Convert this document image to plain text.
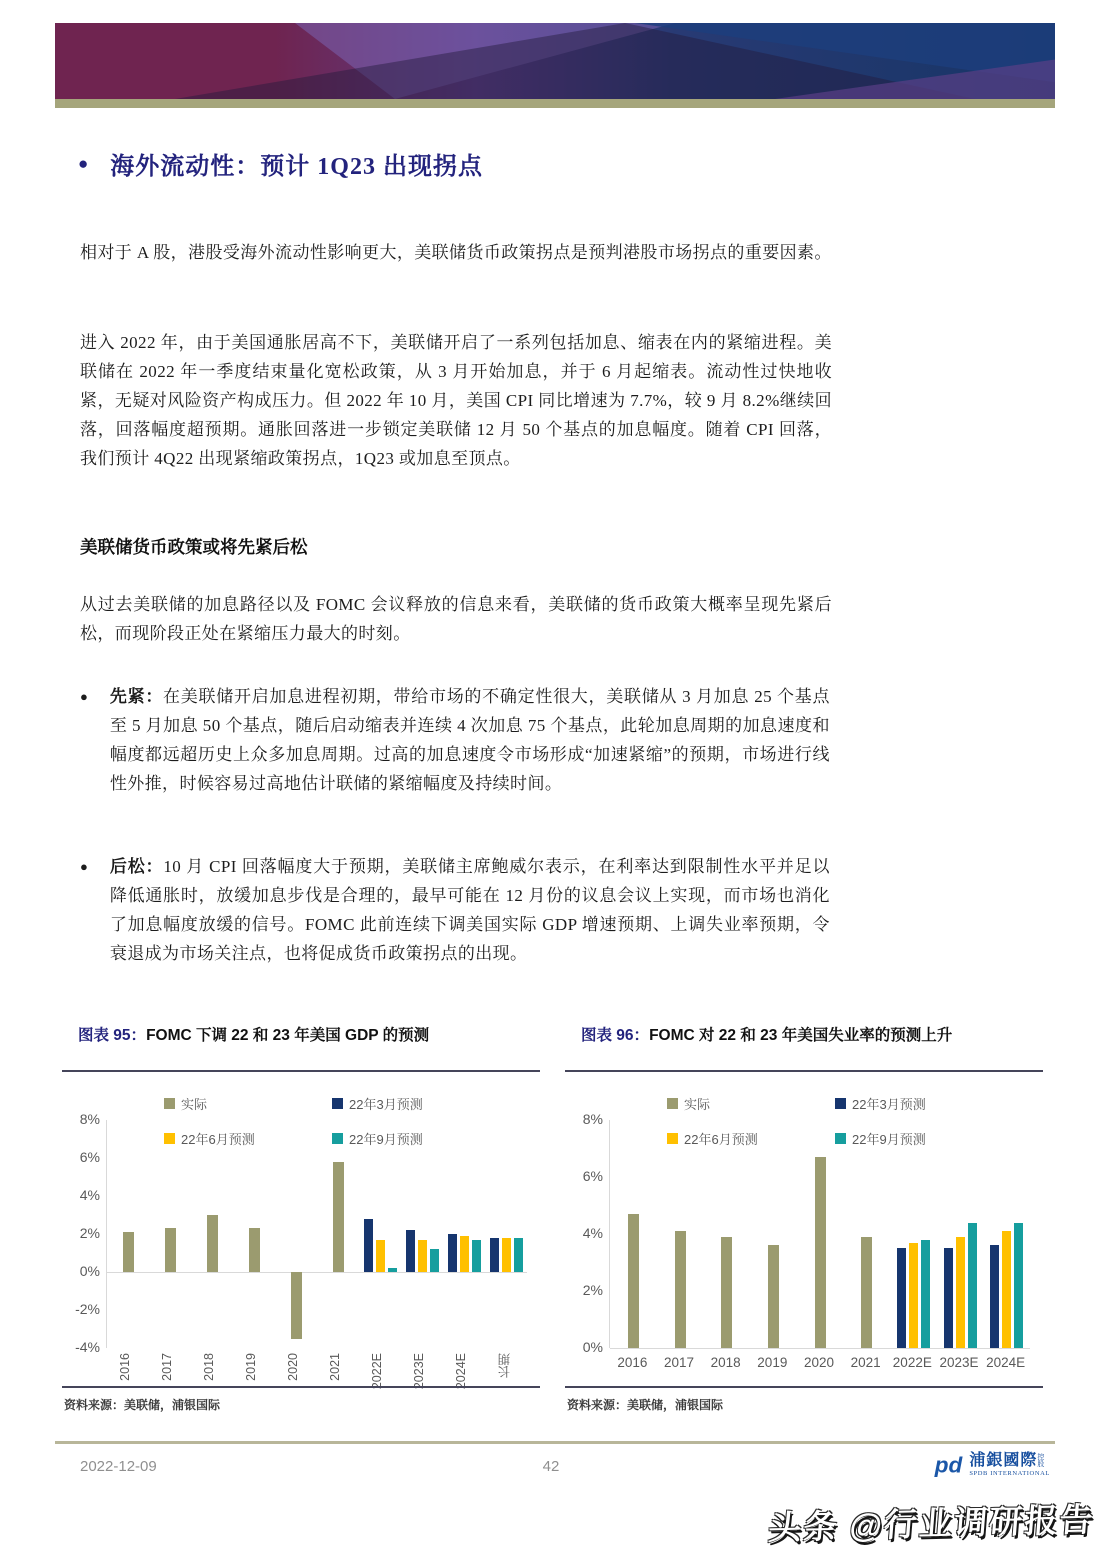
● 海外流动性：预计 1Q23 出现拐点

相对于 A 股，港股受海外流动性影响更大，美联储货币政策拐点是预判港股市场拐点的重要因素。

进入 2022 年，由于美国通胀居高不下，美联储开启了一系列包括加息、缩表在内的紧缩进程。美联储在 2022 年一季度结束量化宽松政策，从 3 月开始加息，并于 6 月起缩表。流动性过快地收紧，无疑对风险资产构成压力。但 2022 年 10 月，美国 CPI 同比增速为 7.7%，较 9 月 8.2%继续回落，回落幅度超预期。通胀回落进一步锁定美联储 12 月 50 个基点的加息幅度。随着 CPI 回落，我们预计 4Q22 出现紧缩政策拐点，1Q23 或加息至顶点。

美联储货币政策或将先紧后松

从过去美联储的加息路径以及 FOMC 会议释放的信息来看，美联储的货币政策大概率呈现先紧后松，而现阶段正处在紧缩压力最大的时刻。

● 先紧：在美联储开启加息进程初期，带给市场的不确定性很大，美联储从 3 月加息 25 个基点至 5 月加息 50 个基点，随后启动缩表并连续 4 次加息 75 个基点，此轮加息周期的加息速度和幅度都远超历史上众多加息周期。过高的加息速度令市场形成“加速紧缩”的预期，市场进行线性外推，时候容易过高地估计联储的紧缩幅度及持续时间。

● 后松：10 月 CPI 回落幅度大于预期，美联储主席鲍威尔表示，在利率达到限制性水平并足以降低通胀时，放缓加息步伐是合理的，最早可能在 12 月份的议息会议上实现，而市场也消化了加息幅度放缓的信号。FOMC 此前连续下调美国实际 GDP 增速预期、上调失业率预期，令衰退成为市场关注点，也将促成货币政策拐点的出现。

图表 95：FOMC 下调 22 和 23 年美国 GDP 的预测
8%
6%
4%
2%
0%
-2%
-4%
实际	22年3月预测
22年6月预测	22年9月预测
2016 2017 2018 2019 2020 2021 2022E 2023E 2024E 长期
资料来源：美联储，浦银国际
图表 96：FOMC 对 22 和 23 年美国失业率的预测上升
8%
6%
4%
2%
0%
实际	22年3月预测
22年6月预测	22年9月预测
2016	2017	2018	2019	2020	2021 2022E 2023E 2024E
资料来源：美联储，浦银国际
2022-12-09	42	pd 浦銀國際控股
SPDB INTERNATIONAL
头条 @行业调研报告
